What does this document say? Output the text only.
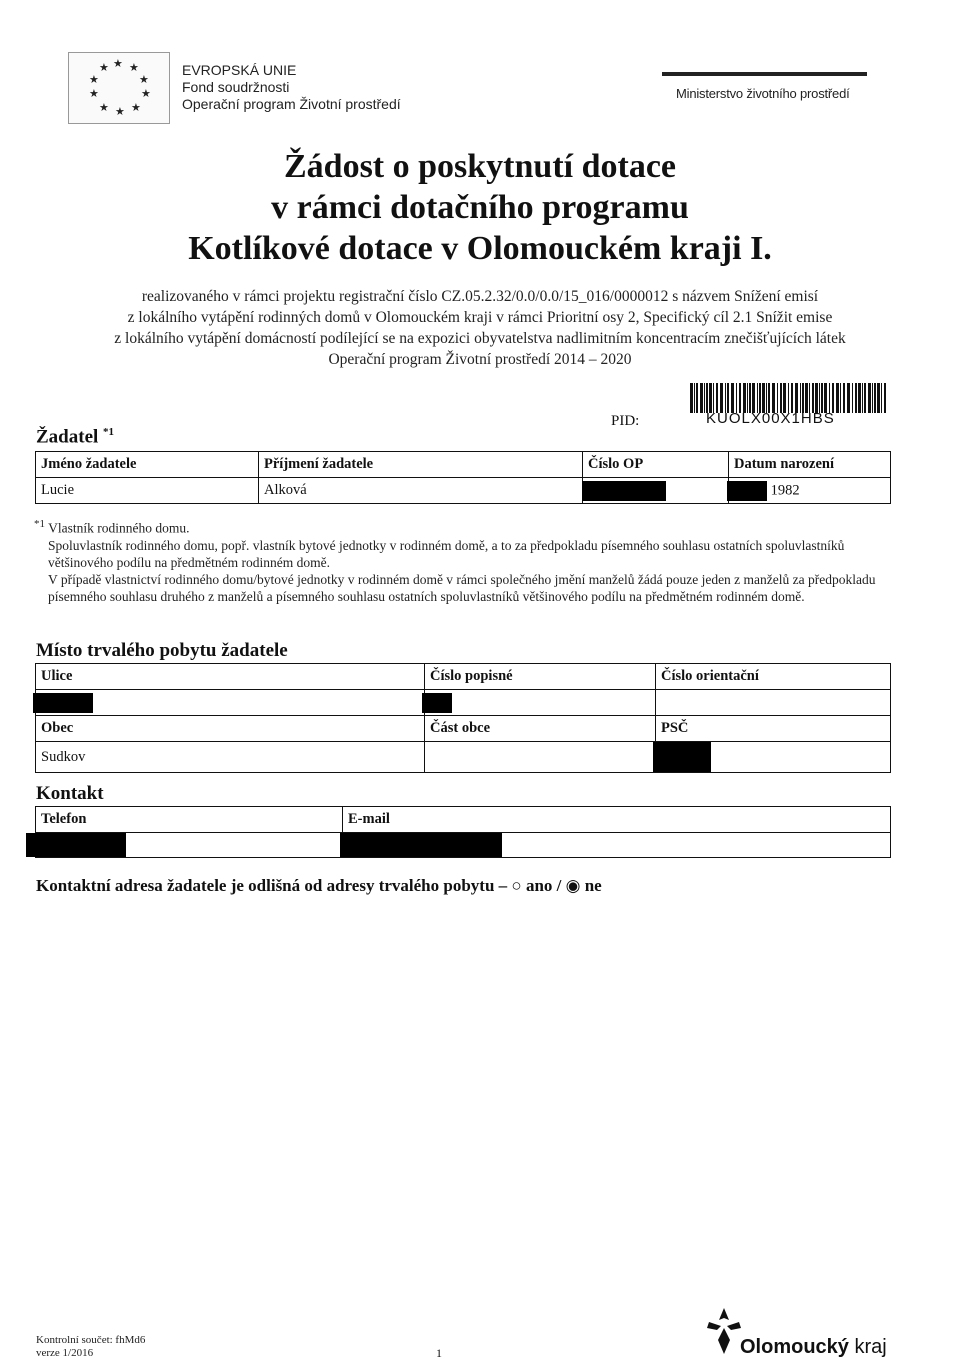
★ ★
★
★
★
★
★
★
★
★	EVROPSKÁ UNIE
Fond soudržnosti
Operační program Životní prostředí
Ministerstvo životního prostředí
Žádost o poskytnutí dotace
v rámci dotačního programu
Kotlíkové dotace v Olomouckém kraji I.
realizovaného v rámci projektu registrační číslo CZ.05.2.32/0.0/0.0/15_016/0000012 s názvem Snížení emisí
z lokálního vytápění rodinných domů v Olomouckém kraji v rámci Prioritní osy 2, Specifický cíl 2.1 Snížit emise
z lokálního vytápění domácností podílející se na expozici obyvatelstva nadlimitním koncentracím znečišťujících látek
Operační program Životní prostředí 2014 – 2020
PID:	KUOLX00X1HBS
Žadatel $^{*1}$
Jméno žadatele	Příjmení žadatele	Číslo OP	Datum narození
Lucie	Alková		1982

$^{*1}$ Vlastník rodinného domu.

Spoluvlastník rodinného domu, popř. vlastník bytové jednotky v rodinném domě, a to za předpokladu písemného souhlasu ostatních spoluvlastníků většinového podílu na předmětném rodinném domě.

V případě vlastnictví rodinného domu/bytové jednotky v rodinném domě v rámci společného jmění manželů žádá pouze jeden z manželů za předpokladu písemného souhlasu druhého z manželů a písemného souhlasu ostatních spoluvlastníků většinového podílu na předmětném rodinném domě.

Místo trvalého pobytu žadatele
Ulice	Číslo popisné	Číslo orientační

Obec	Část obce	PSČ
Sudkov		
Kontakt
Telefon	E-mail

Kontaktní adresa žadatele je odlišná od adresy trvalého pobytu – ○ ano / ◉ ne
Kontrolní součet: fhMd6
verze 1/2016	1	Olomoucký kraj
